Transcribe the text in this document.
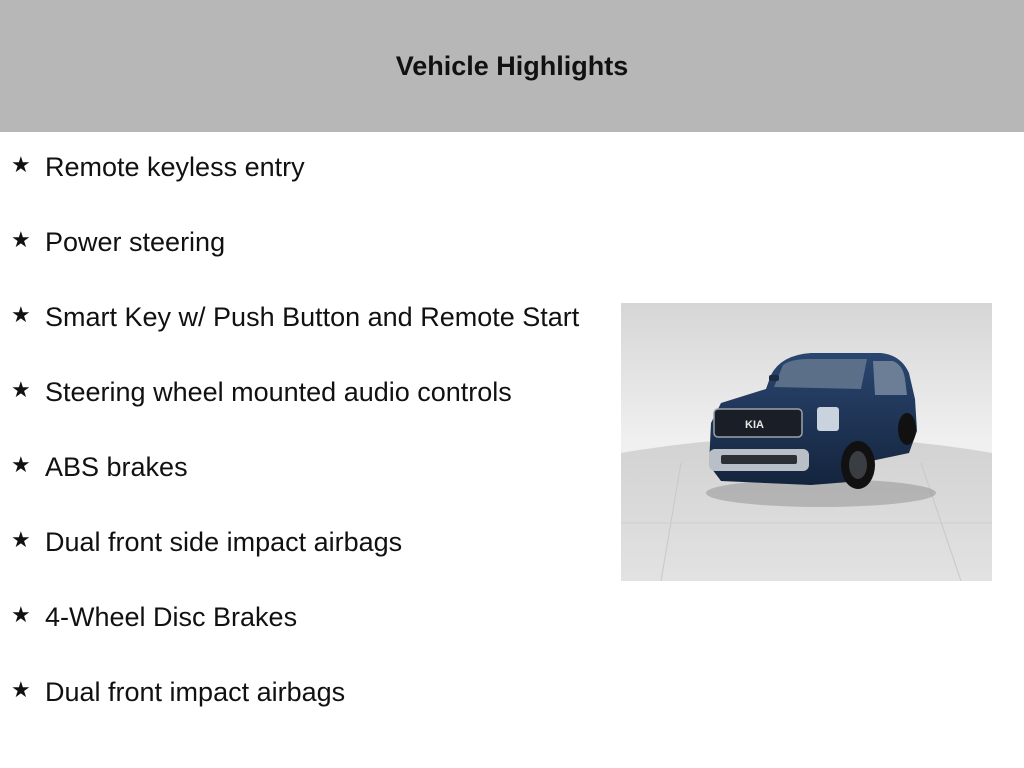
Vehicle Highlights
★ Remote keyless entry
★ Power steering
★ Smart Key w/ Push Button and Remote Start
★ Steering wheel mounted audio controls
★ ABS brakes
★ Dual front side impact airbags
★ 4-Wheel Disc Brakes
★ Dual front impact airbags
KIA
